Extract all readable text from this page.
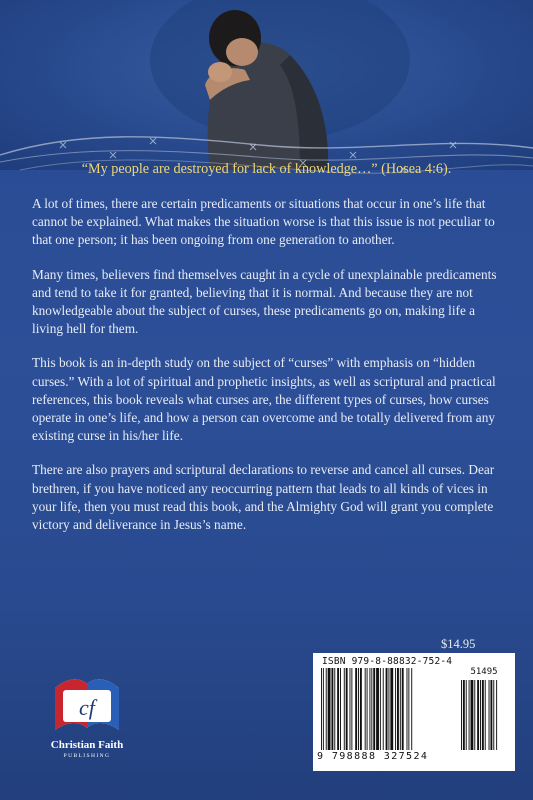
“My people are destroyed for lack of knowledge…” (Hosea 4:6).

A lot of times, there are certain predicaments or situations that occur in one’s life that cannot be explained. What makes the situation worse is that this issue is not peculiar to that one person; it has been ongoing from one generation to another.

Many times, believers find themselves caught in a cycle of unexplainable predicaments and tend to take it for granted, believing that it is normal. And because they are not knowledgeable about the subject of curses, these predicaments go on, making life a living hell for them.

This book is an in-depth study on the subject of “curses” with emphasis on “hidden curses.” With a lot of spiritual and prophetic insights, as well as scriptural and practical references, this book reveals what curses are, the different types of curses, how curses operate in one’s life, and how a person can overcome and be totally delivered from any existing curse in his/her life.

There are also prayers and scriptural declarations to reverse and cancel all curses. Dear brethren, if you have noticed any reoccurring pattern that leads to all kinds of vices in your life, then you must read this book, and the Almighty God will grant you complete victory and deliverance in Jesus’s name.

$14.95
ISBN 979-8-88832-752-4
51495
9 798888 327524
cf
Christian Faith
PUBLISHING
